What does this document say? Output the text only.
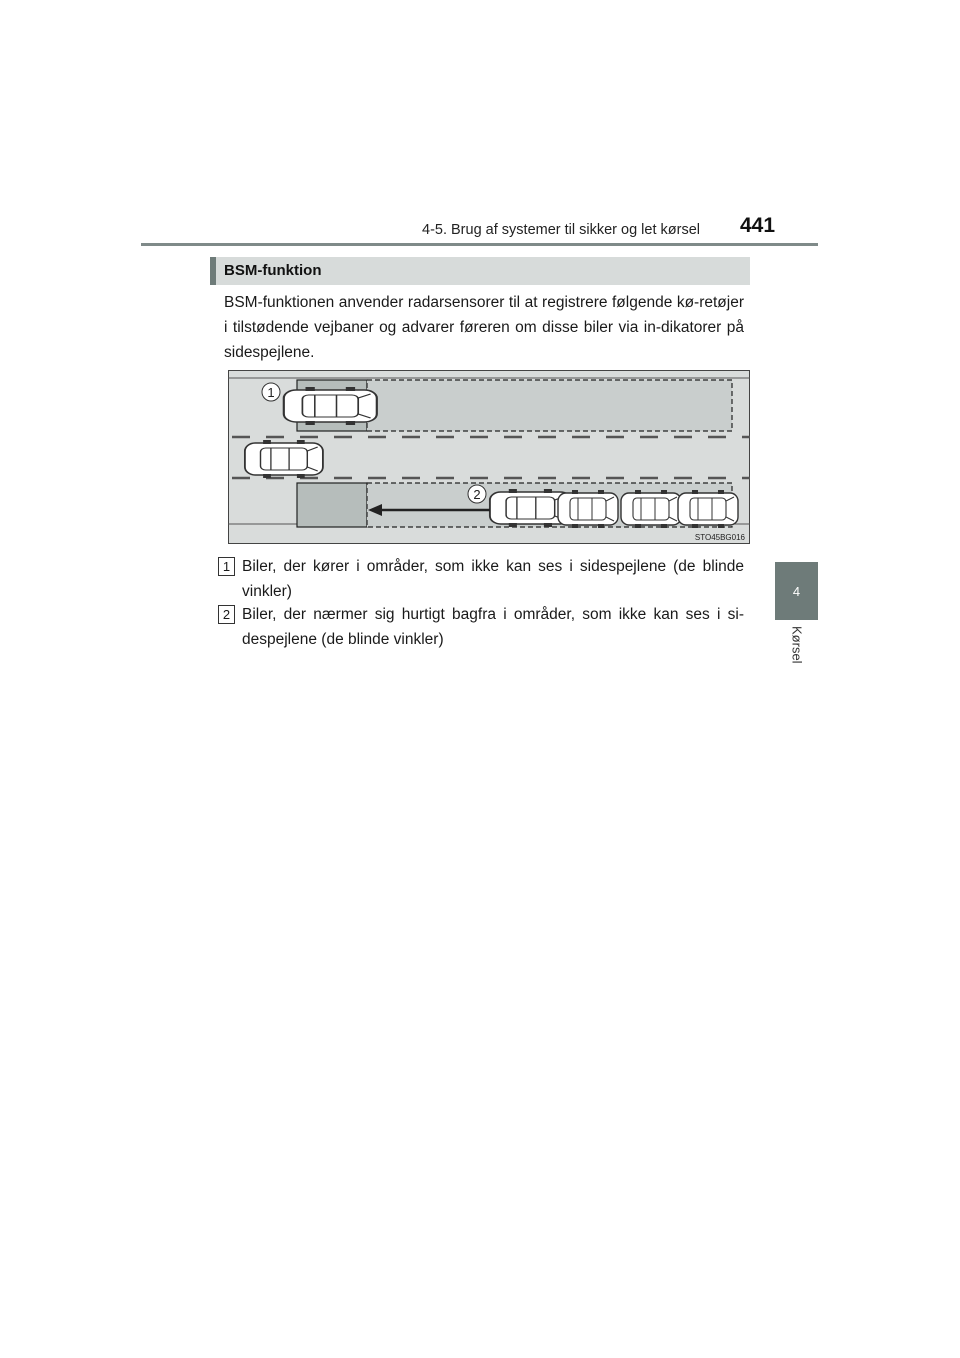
4-5. Brug af systemer til sikker og let kørsel 441
4
Kørsel
BSM-funktion
BSM-funktionen anvender radarsensorer til at registrere følgende kø-retøjer i tilstødende vejbaner og advarer føreren om disse biler via in-dikatorer på sidespejlene.
1
2
STO45BG016
1 Biler, der kører i områder, som ikke kan ses i sidespejlene (de blinde vinkler)
2 Biler, der nærmer sig hurtigt bagfra i områder, som ikke kan ses i si-despejlene (de blinde vinkler)
